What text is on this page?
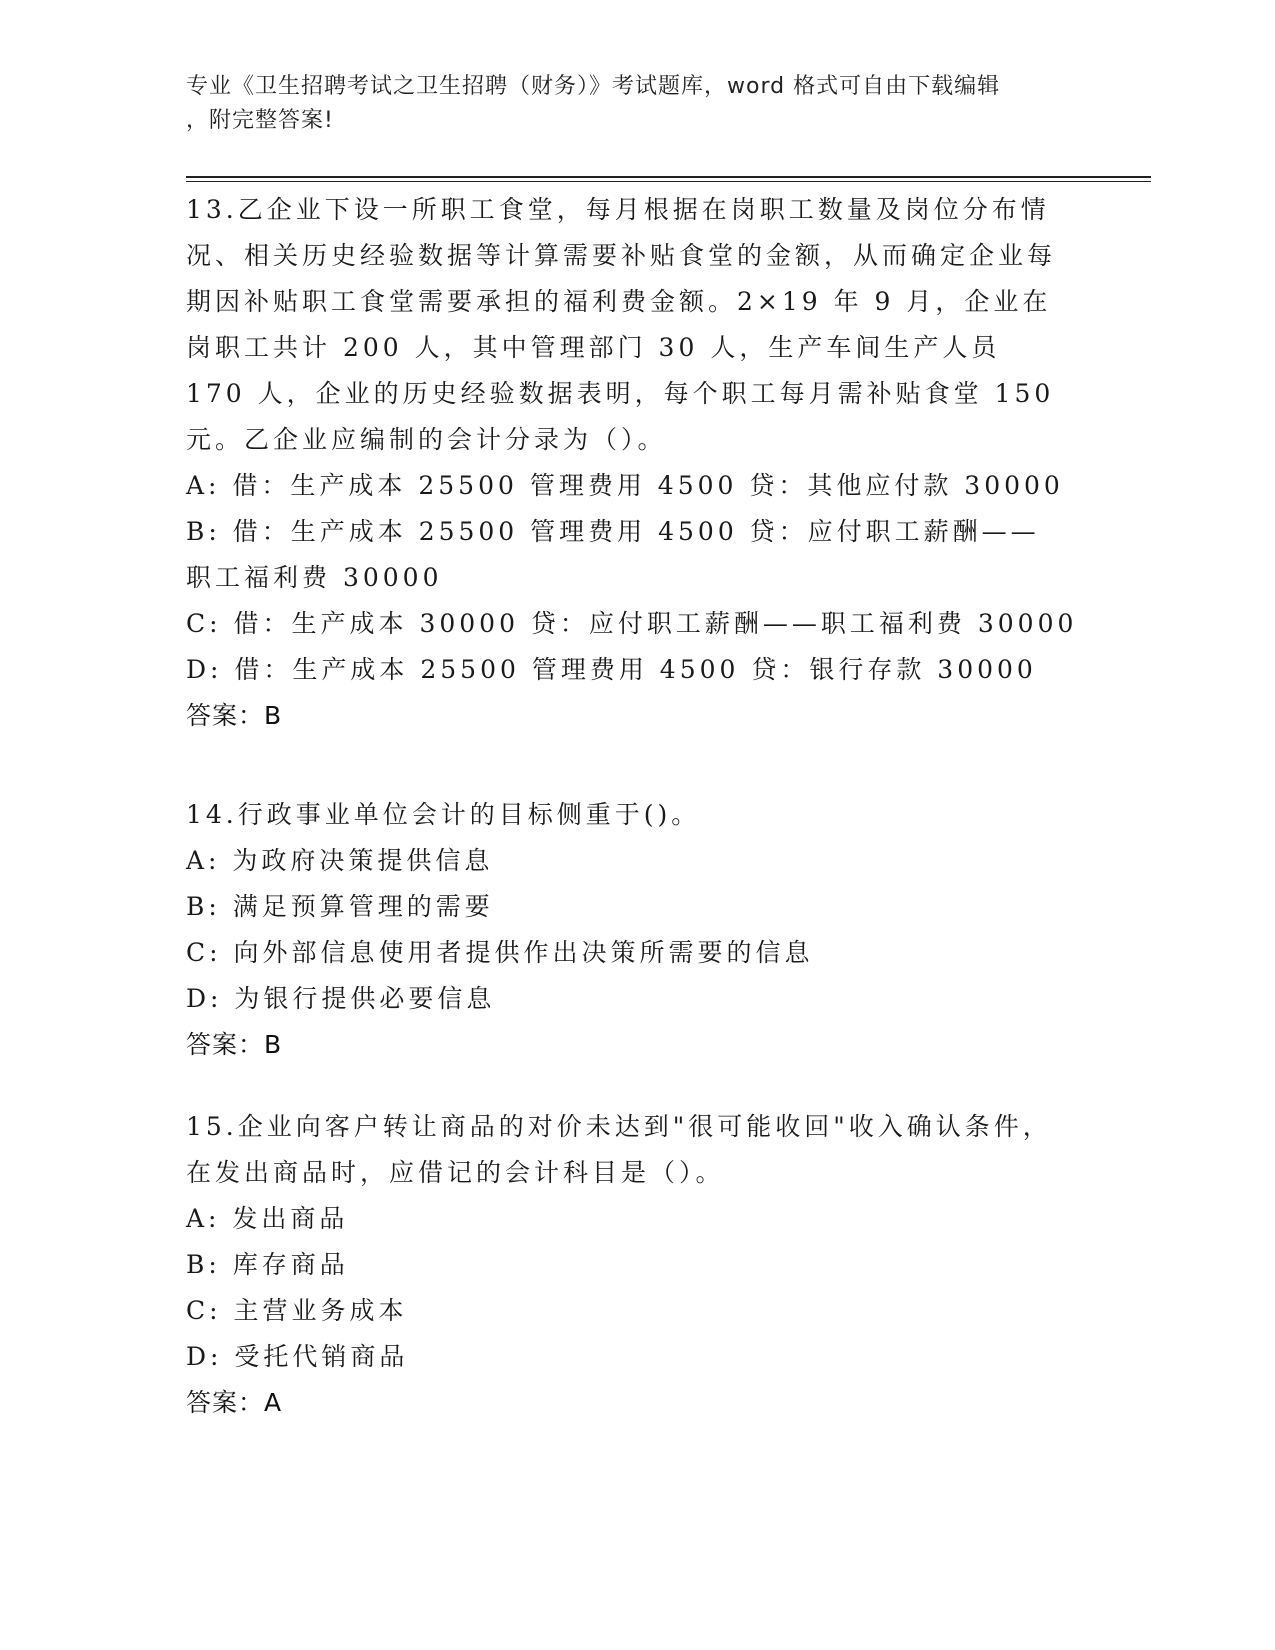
专业《卫生招聘考试之卫生招聘（财务）》考试题库，word 格式可自由下载编辑
，附完整答案!
13.乙企业下设一所职工食堂，每月根据在岗职工数量及岗位分布情况、相关历史经验数据等计算需要补贴食堂的金额，从而确定企业每期因补贴职工食堂需要承担的福利费金额。2×19 年 9 月，企业在岗职工共计 200 人，其中管理部门 30 人，生产车间生产人员 170 人，企业的历史经验数据表明，每个职工每月需补贴食堂 150 元。乙企业应编制的会计分录为（）。
A: 借：生产成本 25500 管理费用 4500 贷：其他应付款 30000
B: 借：生产成本 25500 管理费用 4500 贷：应付职工薪酬——职工福利费 30000
C: 借：生产成本 30000 贷：应付职工薪酬——职工福利费 30000
D: 借：生产成本 25500 管理费用 4500 贷：银行存款 30000
答案：B
14.行政事业单位会计的目标侧重于()。
A: 为政府决策提供信息
B: 满足预算管理的需要
C: 向外部信息使用者提供作出决策所需要的信息
D: 为银行提供必要信息
答案：B
15.企业向客户转让商品的对价未达到"很可能收回"收入确认条件，在发出商品时，应借记的会计科目是（）。
A: 发出商品
B: 库存商品
C: 主营业务成本
D: 受托代销商品
答案：A
